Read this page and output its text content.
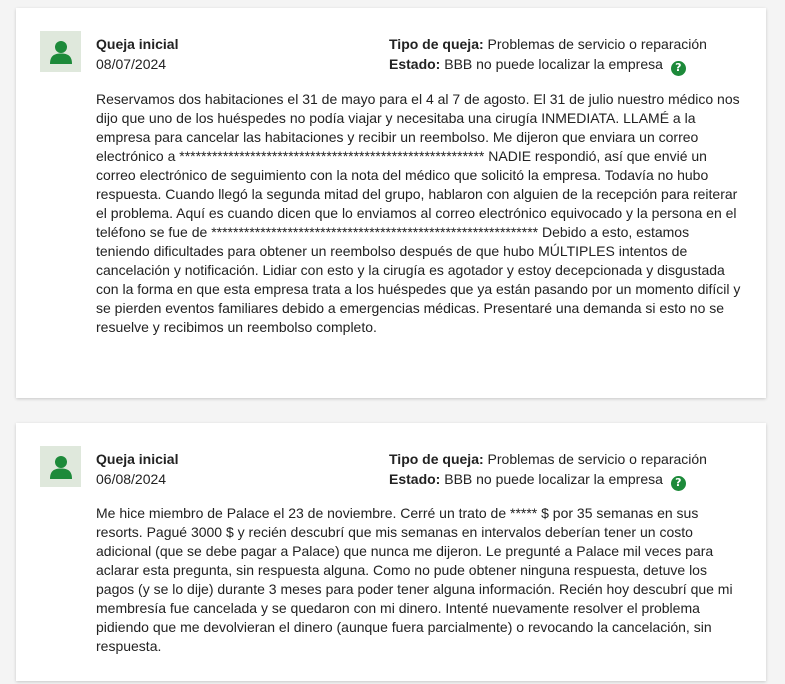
Queja inicial
08/07/2024
Tipo de queja: Problemas de servicio o reparación
Estado: BBB no puede localizar la empresa ?

Reservamos dos habitaciones el 31 de mayo para el 4 al 7 de agosto. El 31 de julio nuestro médico nos dijo que uno de los huéspedes no podía viajar y necesitaba una cirugía INMEDIATA. LLAMÉ a la empresa para cancelar las habitaciones y recibir un reembolso. Me dijeron que enviara un correo electrónico a ******************************************************** NADIE respondió, así que envié un correo electrónico de seguimiento con la nota del médico que solicitó la empresa. Todavía no hubo respuesta. Cuando llegó la segunda mitad del grupo, hablaron con alguien de la recepción para reiterar el problema. Aquí es cuando dicen que lo enviamos al correo electrónico equivocado y la persona en el teléfono se fue de ************************************************************ Debido a esto, estamos teniendo dificultades para obtener un reembolso después de que hubo MÚLTIPLES intentos de cancelación y notificación. Lidiar con esto y la cirugía es agotador y estoy decepcionada y disgustada con la forma en que esta empresa trata a los huéspedes que ya están pasando por un momento difícil y se pierden eventos familiares debido a emergencias médicas. Presentaré una demanda si esto no se resuelve y recibimos un reembolso completo.

Queja inicial
06/08/2024
Tipo de queja: Problemas de servicio o reparación
Estado: BBB no puede localizar la empresa ?

Me hice miembro de Palace el 23 de noviembre. Cerré un trato de ***** $ por 35 semanas en sus resorts. Pagué 3000 $ y recién descubrí que mis semanas en intervalos deberían tener un costo adicional (que se debe pagar a Palace) que nunca me dijeron. Le pregunté a Palace mil veces para aclarar esta pregunta, sin respuesta alguna. Como no pude obtener ninguna respuesta, detuve los pagos (y se lo dije) durante 3 meses para poder tener alguna información. Recién hoy descubrí que mi membresía fue cancelada y se quedaron con mi dinero. Intenté nuevamente resolver el problema pidiendo que me devolvieran el dinero (aunque fuera parcialmente) o revocando la cancelación, sin respuesta.
